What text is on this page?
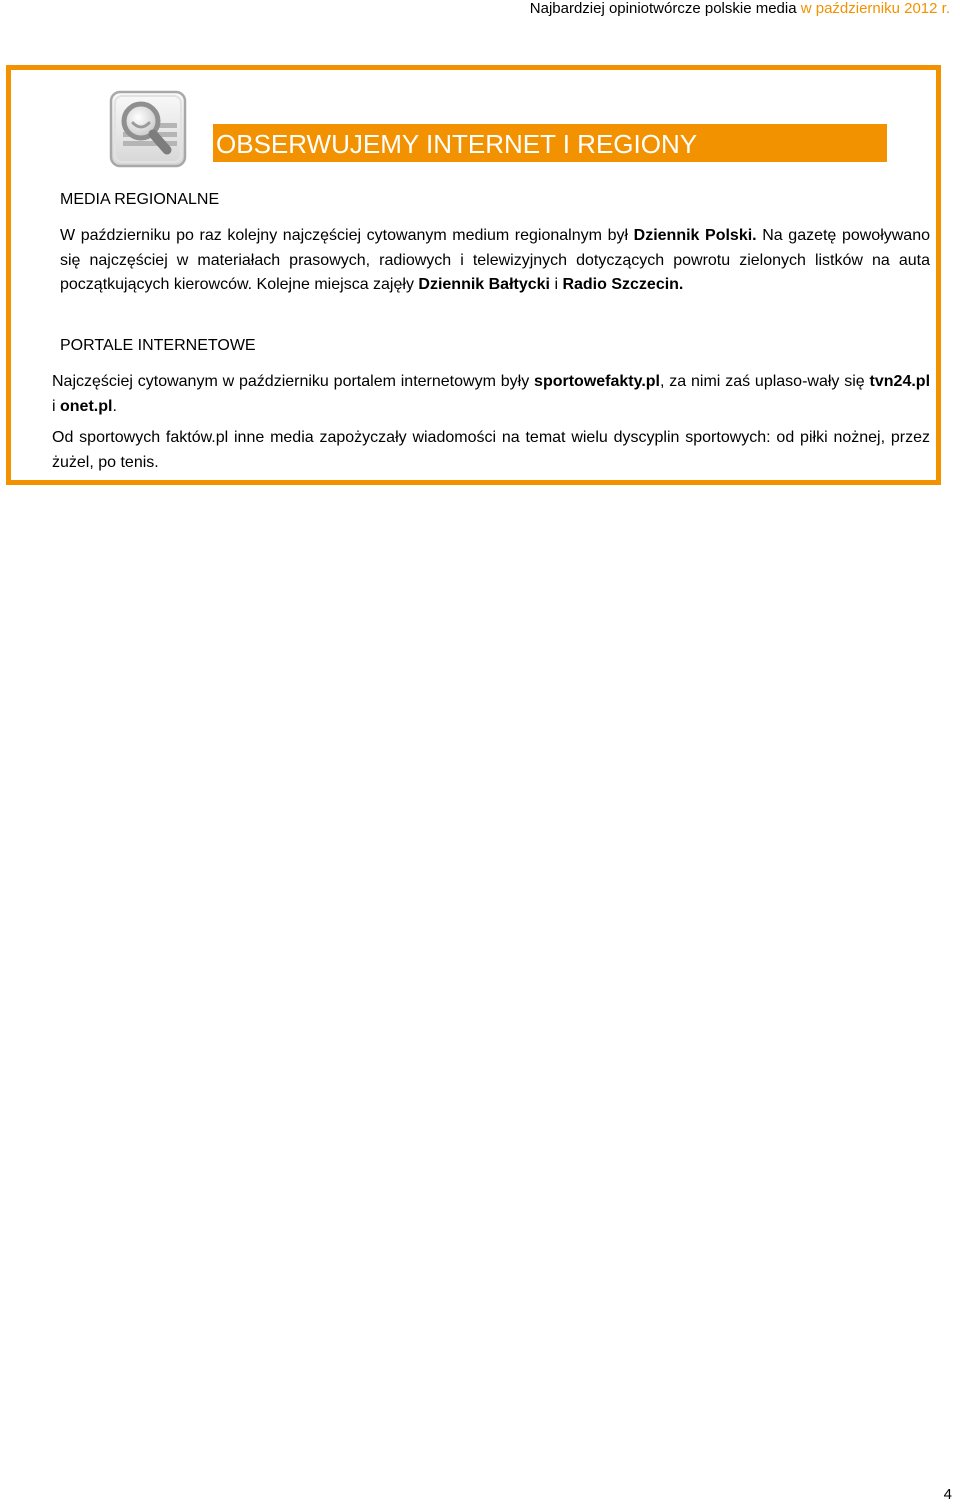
Najbardziej opiniotwórcze polskie media w październiku 2012 r.
OBSERWUJEMY INTERNET I REGIONY
MEDIA REGIONALNE

W październiku po raz kolejny najczęściej cytowanym medium regionalnym był Dziennik Polski. Na gazetę powoływano się najczęściej w materiałach prasowych, radiowych i telewizyjnych dotyczących powrotu zielonych listków na auta początkujących kierowców. Kolejne miejsca zajęły Dziennik Bałtycki i Radio Szczecin.

PORTALE INTERNETOWE

Najczęściej cytowanym w październiku portalem internetowym były sportowefakty.pl, za nimi zaś uplaso-wały się tvn24.pl i onet.pl.

Od sportowych faktów.pl inne media zapożyczały wiadomości na temat wielu dyscyplin sportowych: od piłki nożnej, przez żużel, po tenis.

4
